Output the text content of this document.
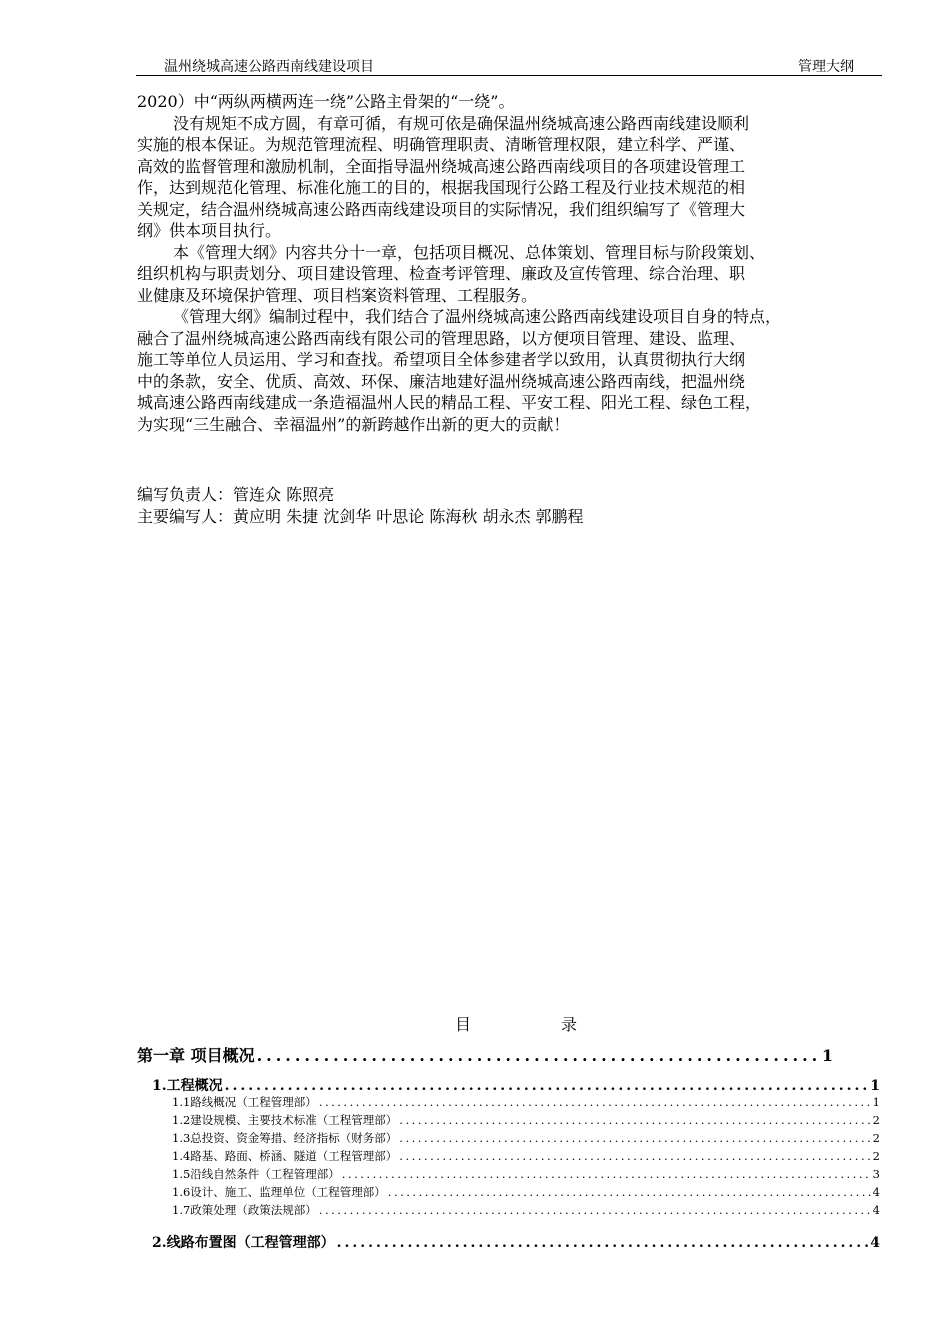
温州绕城高速公路西南线建设项目	管理大纲
2020）中“两纵两横两连一绕”公路主骨架的“一绕”。
没有规矩不成方圆，有章可循，有规可依是确保温州绕城高速公路西南线建设顺利
实施的根本保证。为规范管理流程、明确管理职责、清晰管理权限，建立科学、严谨、
高效的监督管理和激励机制，全面指导温州绕城高速公路西南线项目的各项建设管理工
作，达到规范化管理、标准化施工的目的，根据我国现行公路工程及行业技术规范的相
关规定，结合温州绕城高速公路西南线建设项目的实际情况，我们组织编写了《管理大
纲》供本项目执行。
本《管理大纲》内容共分十一章，包括项目概况、总体策划、管理目标与阶段策划、
组织机构与职责划分、项目建设管理、检查考评管理、廉政及宣传管理、综合治理、职
业健康及环境保护管理、项目档案资料管理、工程服务。
《管理大纲》编制过程中，我们结合了温州绕城高速公路西南线建设项目自身的特点，
融合了温州绕城高速公路西南线有限公司的管理思路，以方便项目管理、建设、监理、
施工等单位人员运用、学习和查找。希望项目全体参建者学以致用，认真贯彻执行大纲
中的条款，安全、优质、高效、环保、廉洁地建好温州绕城高速公路西南线，把温州绕
城高速公路西南线建成一条造福温州人民的精品工程、平安工程、阳光工程、绿色工程，
为实现“三生融合、幸福温州”的新跨越作出新的更大的贡献！
编写负责人：管连众 陈照亮
主要编写人：黄应明 朱捷 沈剑华 叶思论 陈海秋 胡永杰 郭鹏程
目	录
第一章 项目概况 .....	1
1.工程概况 .....	1
1.1路线概况（工程管理部） .....	1
1.2建设规模、主要技术标准（工程管理部） .....	2
1.3总投资、资金筹措、经济指标（财务部） .....	2
1.4路基、路面、桥涵、隧道（工程管理部） .....	2
1.5沿线自然条件（工程管理部） .....	3
1.6设计、施工、监理单位（工程管理部） .....	4
1.7政策处理（政策法规部） .....	4
2.线路布置图（工程管理部） .....	4
